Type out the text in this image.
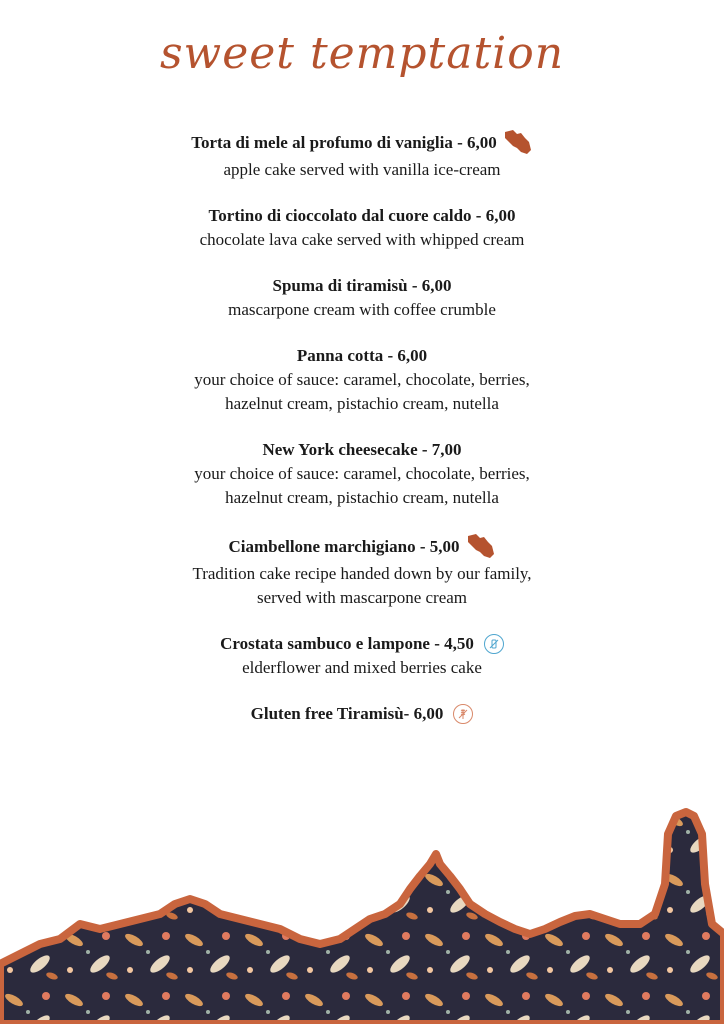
sweet temptation
Torta di mele al profumo di vaniglia - 6,00
apple cake served with vanilla ice-cream
Tortino di cioccolato dal cuore caldo - 6,00
chocolate lava cake served with whipped cream
Spuma di tiramisù - 6,00
mascarpone cream with coffee crumble
Panna cotta - 6,00
your choice of sauce: caramel, chocolate, berries,
hazelnut cream, pistachio cream, nutella
New York cheesecake - 7,00
your choice of sauce: caramel, chocolate, berries,
hazelnut cream, pistachio cream, nutella
Ciambellone marchigiano - 5,00
Tradition cake recipe handed down by our family,
served with mascarpone cream
Crostata sambuco e lampone - 4,50
elderflower and mixed berries cake
Gluten free Tiramisù- 6,00
